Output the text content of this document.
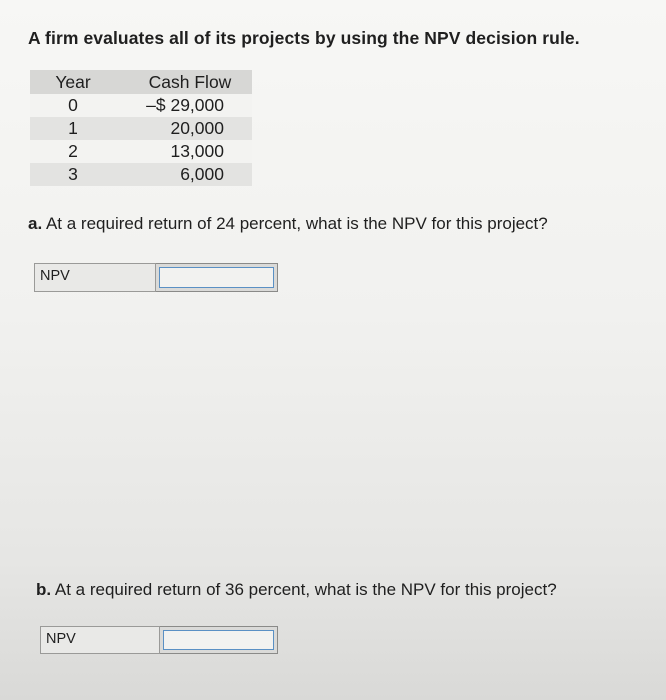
A firm evaluates all of its projects by using the NPV decision rule.
Year	Cash Flow
0	–$ 29,000
1	20,000
2	13,000
3	6,000
a. At a required return of 24 percent, what is the NPV for this project?
NPV
b. At a required return of 36 percent, what is the NPV for this project?
NPV
